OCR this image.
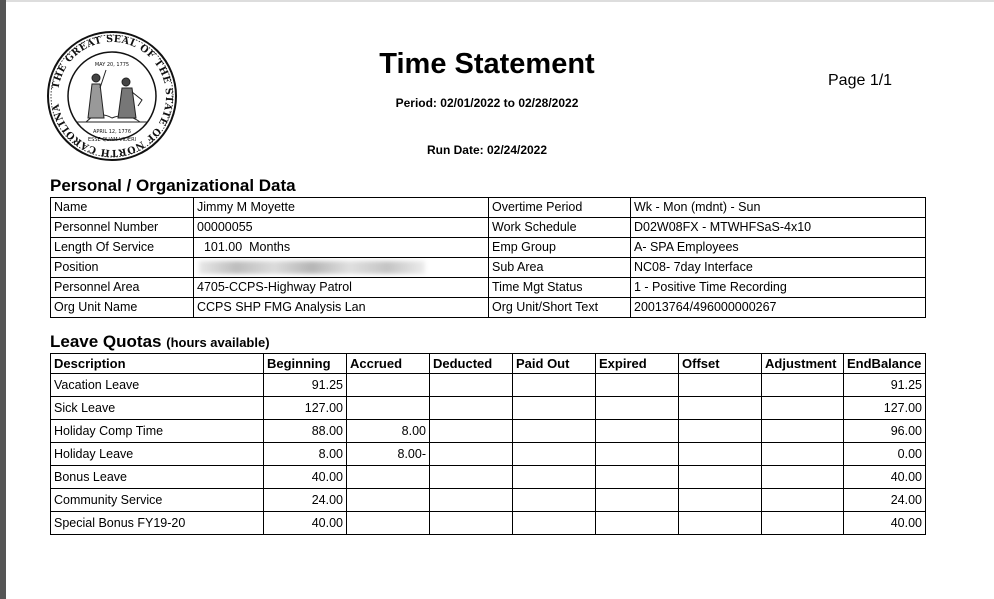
THE GREAT SEAL OF THE STATE OF NORTH CAROLINA
MAY 20, 1775
APRIL 12, 1776
ESSE QUAM VIDERI
Time Statement
Period: 02/01/2022 to 02/28/2022
Run Date: 02/24/2022
Page 1/1
Personal / Organizational Data
Name	Jimmy M Moyette	Overtime Period	Wk - Mon (mdnt) - Sun
Personnel Number	00000055	Work Schedule	D02W08FX - MTWHFSaS-4x10
Length Of Service	101.00  Months	Emp Group	A- SPA Employees
Position		Sub Area	NC08- 7day Interface
Personnel Area	4705-CCPS-Highway Patrol	Time Mgt Status	1 - Positive Time Recording
Org Unit Name	CCPS SHP FMG Analysis Lan	Org Unit/Short Text	20013764/496000000267
Leave Quotas (hours available)
Description	Beginning	Accrued	Deducted	Paid Out	Expired	Offset	Adjustment	EndBalance
Vacation Leave	91.25							91.25
Sick Leave	127.00							127.00
Holiday Comp Time	88.00	8.00						96.00
Holiday Leave	8.00	8.00-						0.00
Bonus Leave	40.00							40.00
Community Service	24.00							24.00
Special Bonus FY19-20	40.00							40.00
